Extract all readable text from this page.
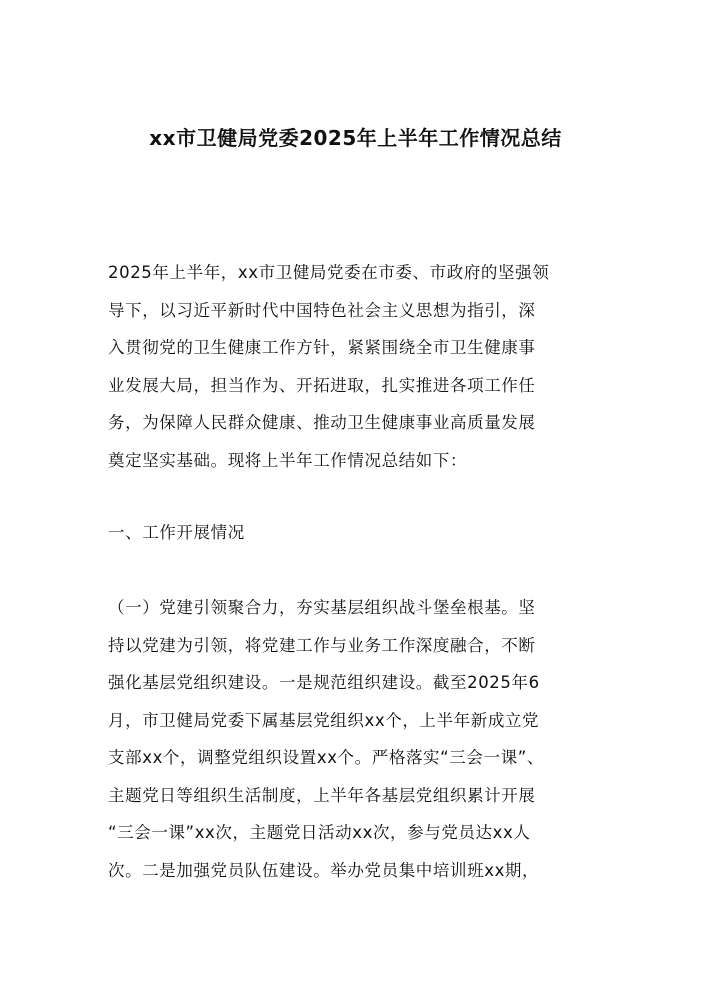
xx市卫健局党委2025年上半年工作情况总结
2025年上半年，xx市卫健局党委在市委、市政府的坚强领
导下，以习近平新时代中国特色社会主义思想为指引，深
入贯彻党的卫生健康工作方针，紧紧围绕全市卫生健康事
业发展大局，担当作为、开拓进取，扎实推进各项工作任
务，为保障人民群众健康、推动卫生健康事业高质量发展
奠定坚实基础。现将上半年工作情况总结如下：
一、工作开展情况
（一）党建引领聚合力，夯实基层组织战斗堡垒根基。坚
持以党建为引领，将党建工作与业务工作深度融合，不断
强化基层党组织建设。一是规范组织建设。截至2025年6
月，市卫健局党委下属基层党组织xx个，上半年新成立党
支部xx个，调整党组织设置xx个。严格落实“三会一课”、
主题党日等组织生活制度，上半年各基层党组织累计开展
“三会一课”xx次，主题党日活动xx次，参与党员达xx人
次。二是加强党员队伍建设。举办党员集中培训班xx期，
